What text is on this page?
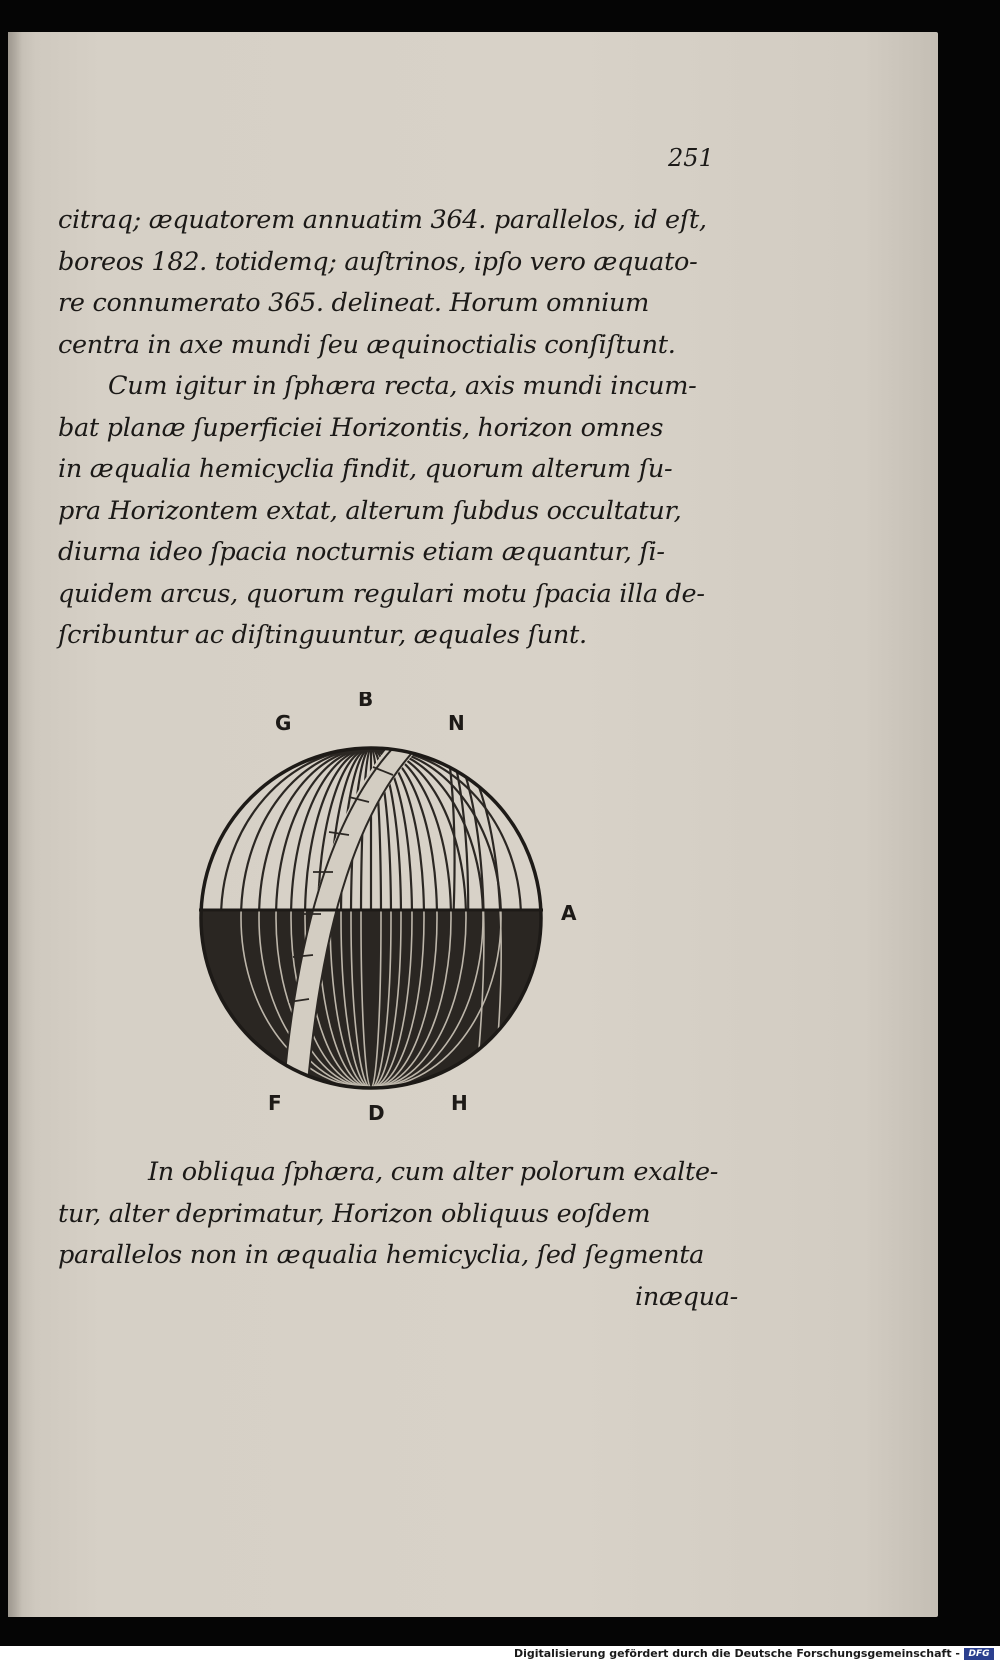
251
citraq; æquatorem annuatim 364. parallelos, id eſt,
boreos 182. totidemq; auſtrinos, ipſo vero æquato-
re connumerato 365. delineat. Horum omnium
centra in axe mundi ſeu æquinoctialis conſiſtunt.
Cum igitur in ſphæra recta, axis mundi incum-
bat planæ ſuperficiei Horizontis, horizon omnes
in æqualia hemicyclia findit, quorum alterum ſu-
pra Horizontem extat, alterum ſubdus occultatur,
diurna ideo ſpacia nocturnis etiam æquantur, ſi-
quidem arcus, quorum regulari motu ſpacia illa de-
ſcribuntur ac diſtinguuntur, æquales ſunt.
B
G	N
A
F	D	H
In obliqua ſphæra, cum alter polorum exalte-
tur, alter deprimatur, Horizon obliquus eoſdem
parallelos non in æqualia hemicyclia, ſed ſegmenta
inæqua-
Digitalisierung gefördert durch die Deutsche Forschungsgemeinschaft - DFG
